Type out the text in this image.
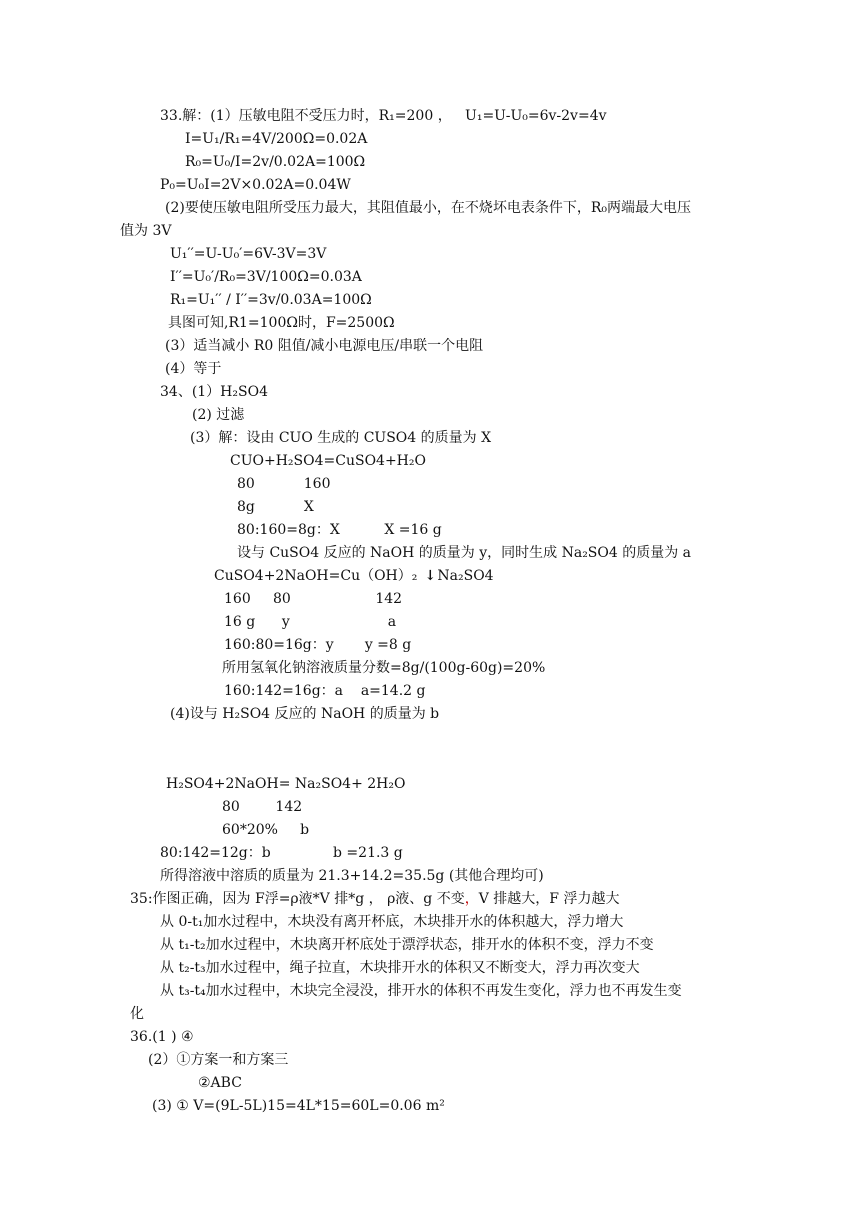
33.解：(1）压敏电阻不受压力时，R₁=200 ，   U₁=U-U₀=6v-2v=4v
I=U₁/R₁=4V/200Ω=0.02A
R₀=U₀/I=2v/0.02A=100Ω
P₀=U₀I=2V×0.02A=0.04W
(2)要使压敏电阻所受压力最大，其阻值最小，在不烧坏电表条件下，R₀两端最大电压
值为 3V
U₁′′=U-U₀′=6V-3V=3V
I′′=U₀′/R₀=3V/100Ω=0.03A
R₁=U₁′′ / I′′=3v/0.03A=100Ω
具图可知,R1=100Ω时，F=2500Ω
(3）适当减小 R0 阻值/减小电源电压/串联一个电阻
(4）等于
34、(1）H₂SO4
(2) 过滤
(3）解：设由 CUO 生成的 CUSO4 的质量为 X
CUO+H₂SO4=CuSO4+H₂O
80           160
8g           X
80:160=8g：X          X =16 g
设与 CuSO4 反应的 NaOH 的质量为 y，同时生成 Na₂SO4 的质量为 a
CuSO4+2NaOH=Cu（OH）₂ ↓Na₂SO4
160     80                   142
16 g      y                      a
160:80=16g：y       y =8 g
所用氢氧化钠溶液质量分数=8g/(100g-60g)=20%
160:142=16g：a    a=14.2 g
(4)设与 H₂SO4 反应的 NaOH 的质量为 b
H₂SO4+2NaOH= Na₂SO4+ 2H₂O
80        142
60*20%     b
80:142=12g：b              b =21.3 g
所得溶液中溶质的质量为 21.3+14.2=35.5g (其他合理均可)
35:作图正确，因为 F浮=ρ液*V 排*g ， ρ液、g 不变，V 排越大，F 浮力越大
从 0-t₁加水过程中，木块没有离开杯底，木块排开水的体积越大，浮力增大
从 t₁-t₂加水过程中，木块离开杯底处于漂浮状态，排开水的体积不变，浮力不变
从 t₂-t₃加水过程中，绳子拉直，木块排开水的体积又不断变大，浮力再次变大
从 t₃-t₄加水过程中，木块完全浸没，排开水的体积不再发生变化，浮力也不再发生变
化
36.(1 ) ④
(2）①方案一和方案三
②ABC
(3) ① V=(9L-5L)15=4L*15=60L=0.06 m²
